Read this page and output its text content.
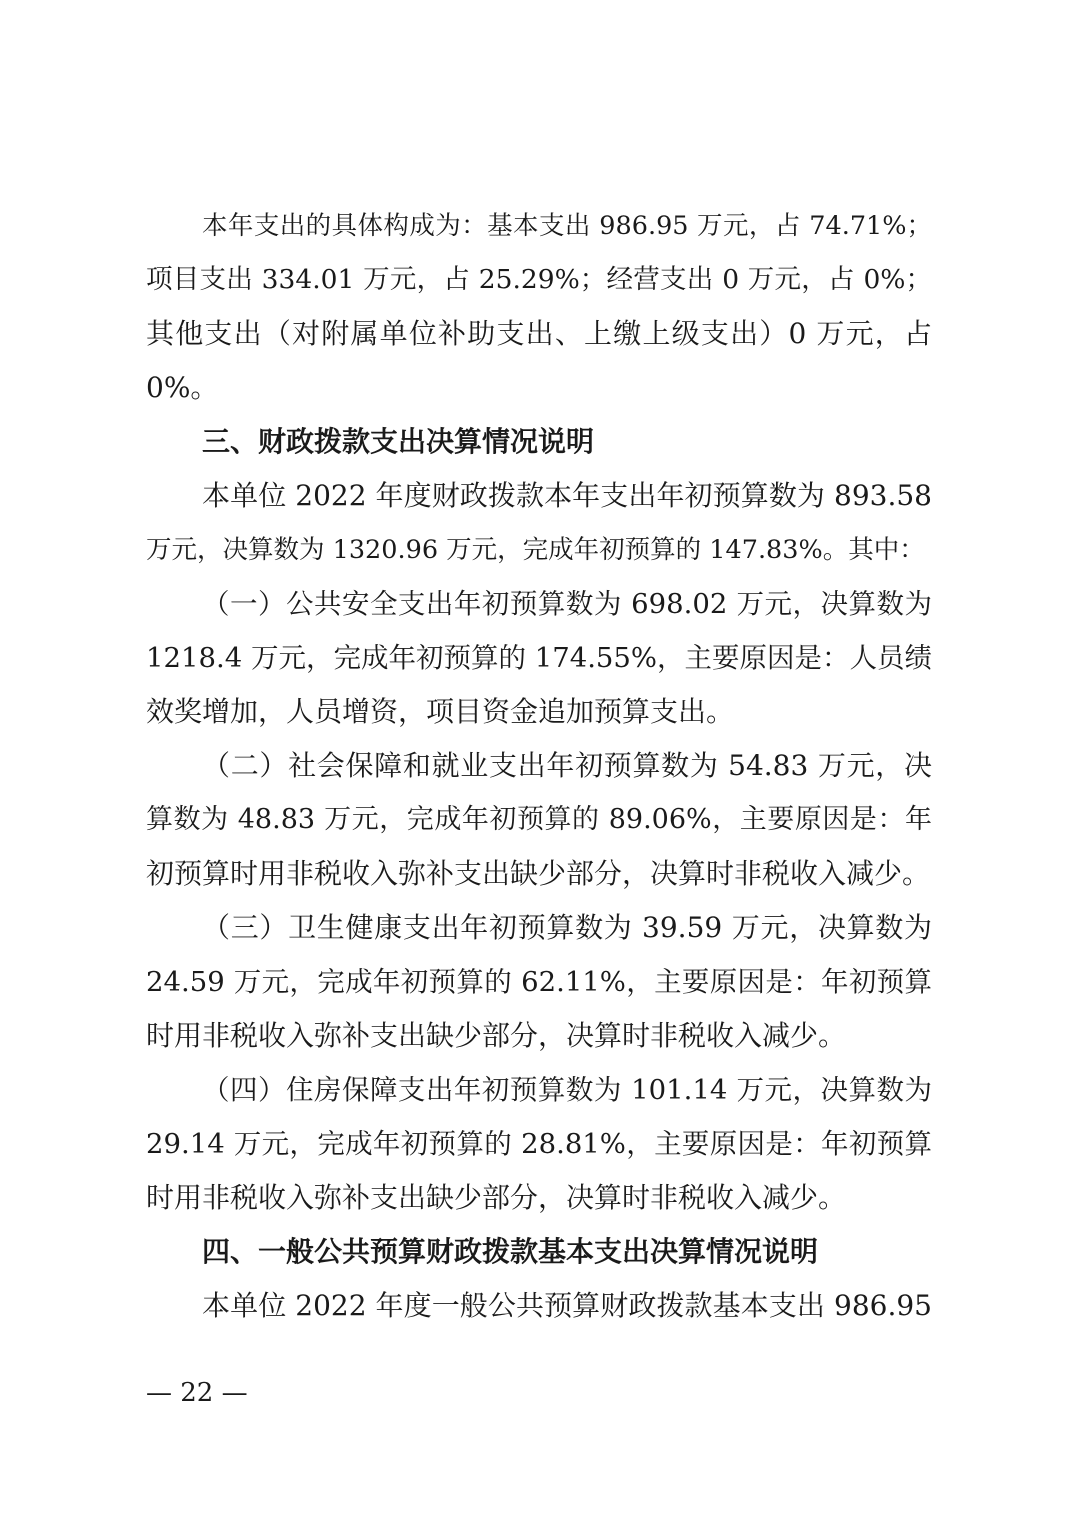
本年支出的具体构成为：基本支出 986.95 万元，占 74.71%；
项目支出 334.01 万元，占 25.29%；经营支出 0 万元，占 0%；
其他支出（对附属单位补助支出、上缴上级支出）0 万元，占
0%。
三、财政拨款支出决算情况说明
本单位 2022 年度财政拨款本年支出年初预算数为 893.58
万元，决算数为 1320.96 万元，完成年初预算的 147.83%。其中：
（一）公共安全支出年初预算数为 698.02 万元，决算数为
1218.4 万元，完成年初预算的 174.55%，主要原因是：人员绩
效奖增加，人员增资，项目资金追加预算支出。
（二）社会保障和就业支出年初预算数为 54.83 万元，决
算数为 48.83 万元，完成年初预算的 89.06%，主要原因是：年
初预算时用非税收入弥补支出缺少部分，决算时非税收入减少。
（三）卫生健康支出年初预算数为 39.59 万元，决算数为
24.59 万元，完成年初预算的 62.11%，主要原因是：年初预算
时用非税收入弥补支出缺少部分，决算时非税收入减少。
（四）住房保障支出年初预算数为 101.14 万元，决算数为
29.14 万元，完成年初预算的 28.81%，主要原因是：年初预算
时用非税收入弥补支出缺少部分，决算时非税收入减少。
四、一般公共预算财政拨款基本支出决算情况说明
本单位 2022 年度一般公共预算财政拨款基本支出 986.95
— 22 —
